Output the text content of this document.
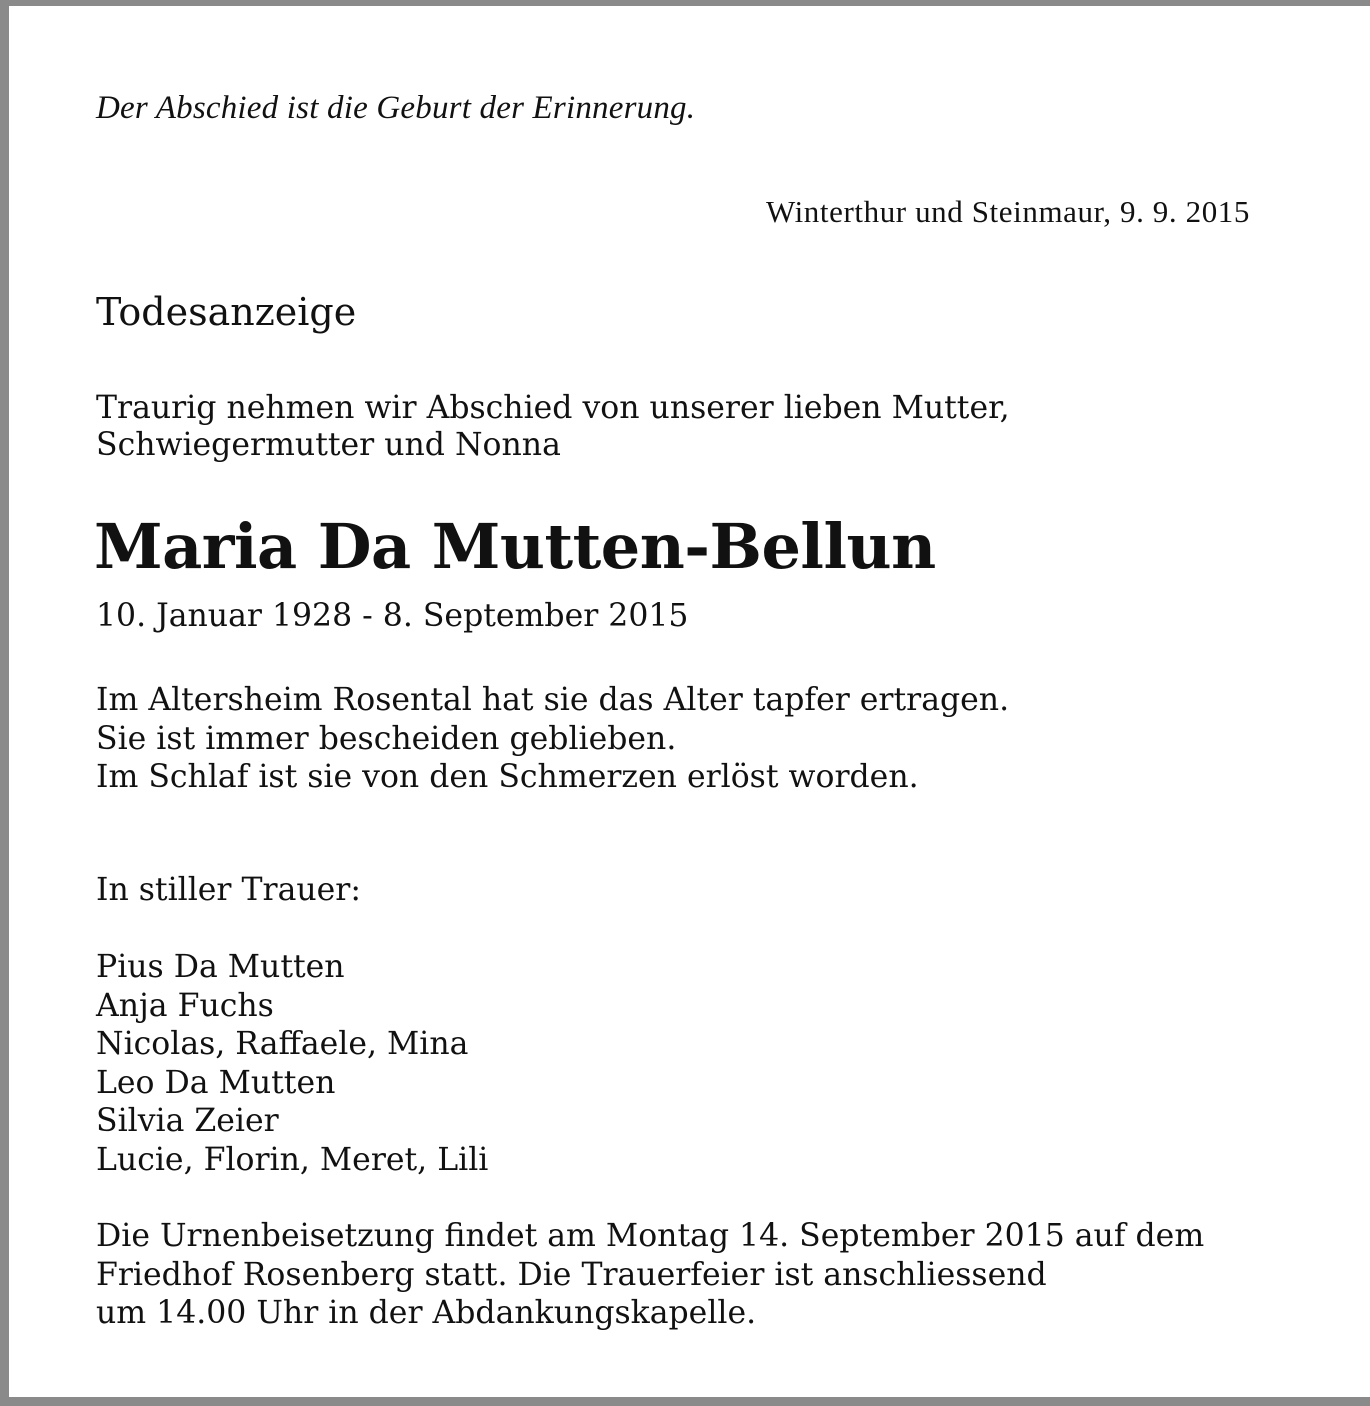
Der Abschied ist die Geburt der Erinnerung.
Winterthur und Steinmaur, 9. 9. 2015
Todesanzeige
Traurig nehmen wir Abschied von unserer lieben Mutter,
Schwiegermutter und Nonna
Maria Da Mutten-Bellun
10. Januar 1928 - 8. September 2015
Im Altersheim Rosental hat sie das Alter tapfer ertragen.
Sie ist immer bescheiden geblieben.
Im Schlaf ist sie von den Schmerzen erlöst worden.
In stiller Trauer:
Pius Da Mutten
Anja Fuchs
Nicolas, Raffaele, Mina
Leo Da Mutten
Silvia Zeier
Lucie, Florin, Meret, Lili
Die Urnenbeisetzung findet am Montag 14. September 2015 auf dem
Friedhof Rosenberg statt. Die Trauerfeier ist anschliessend
um 14.00 Uhr in der Abdankungskapelle.
